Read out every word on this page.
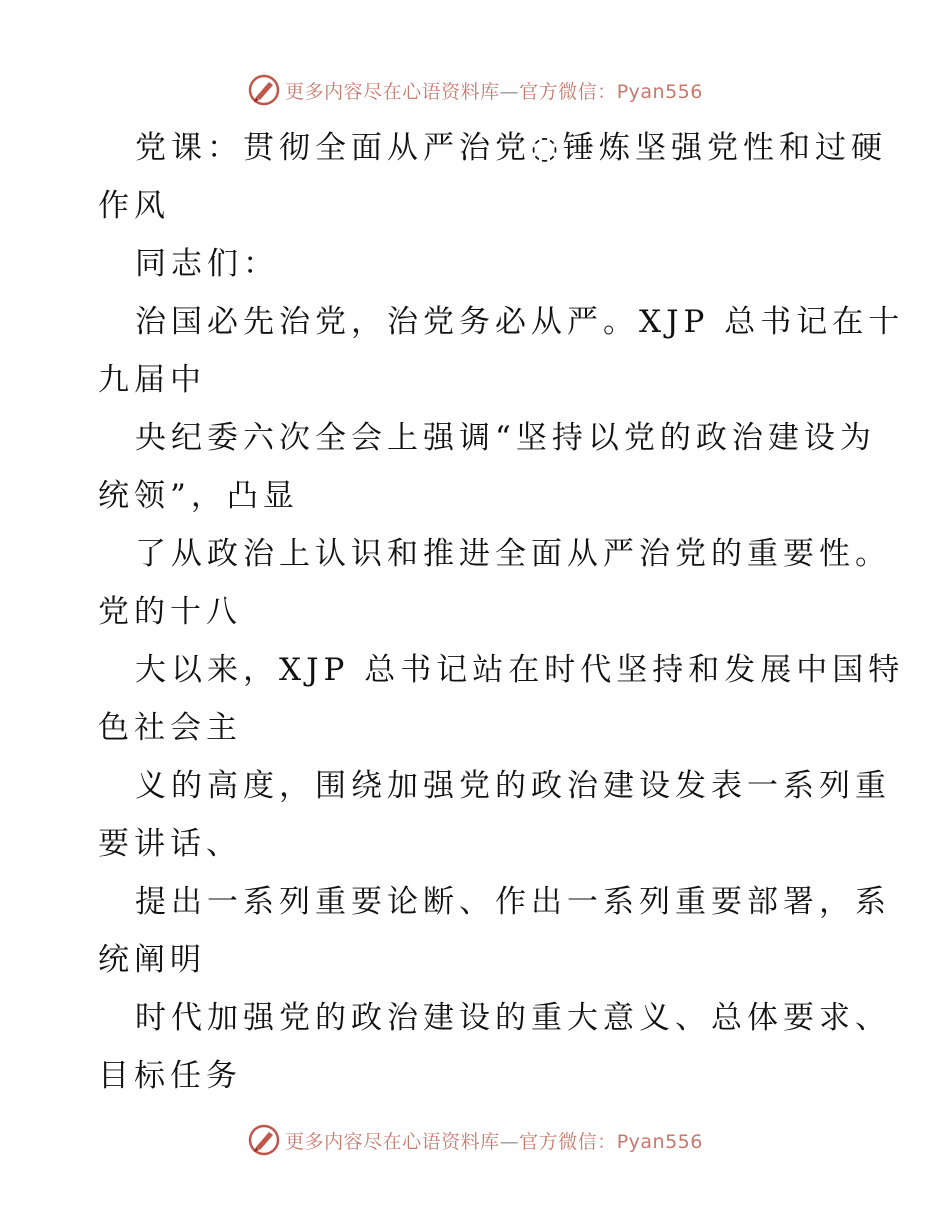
更多内容尽在心语资料库—官方微信：Pyan556
党课：贯彻全面从严治党◌锤炼坚强党性和过硬
作风
同志们：
治国必先治党，治党务必从严。XJP 总书记在十
九届中
央纪委六次全会上强调“坚持以党的政治建设为
统领”，凸显
了从政治上认识和推进全面从严治党的重要性。
党的十八
大以来，XJP 总书记站在时代坚持和发展中国特
色社会主
义的高度，围绕加强党的政治建设发表一系列重
要讲话、
提出一系列重要论断、作出一系列重要部署，系
统阐明
时代加强党的政治建设的重大意义、总体要求、
目标任务
更多内容尽在心语资料库—官方微信：Pyan556
